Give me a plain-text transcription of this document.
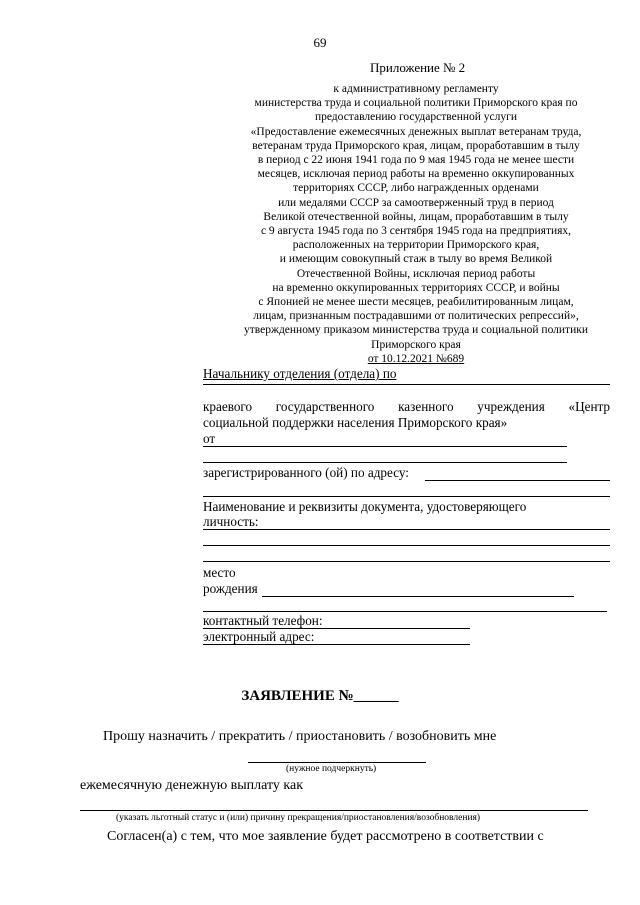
69
Приложение № 2
к административному регламенту
министерства труда и социальной политики Приморского края по
предоставлению государственной услуги
«Предоставление ежемесячных денежных выплат ветеранам труда,
ветеранам труда Приморского края, лицам, проработавшим в тылу
в период с 22 июня 1941 года по 9 мая 1945 года не менее шести
месяцев, исключая период работы на временно оккупированных
территориях СССР, либо награжденных орденами
или медалями СССР за самоотверженный труд в период
Великой отечественной войны, лицам, проработавшим в тылу
с 9 августа 1945 года по 3 сентября 1945 года на предприятиях,
расположенных на территории Приморского края,
и имеющим совокупный стаж в тылу во время Великой
Отечественной Войны, исключая период работы
на временно оккупированных территориях СССР, и войны
с Японией не менее шести месяцев, реабилитированным лицам,
лицам, признанным пострадавшими от политических репрессий»,
утвержденному приказом министерства труда и социальной политики
Приморского края
от 10.12.2021 №689
Начальнику отделения (отдела) по
краевого государственного казенного учреждения «Центр
социальной поддержки населения Приморского края»
от
зарегистрированного (ой) по адресу:
Наименование и реквизиты документа, удостоверяющего
личность:
место
рождения
контактный телефон:
электронный адрес:
ЗАЯВЛЕНИЕ №______
Прошу назначить / прекратить / приостановить / возобновить мне
(нужное подчеркнуть)
ежемесячную денежную выплату как
(указать льготный статус и (или) причину прекращения/приостановления/возобновления)
Согласен(а) с тем, что мое заявление будет рассмотрено в соответствии с
